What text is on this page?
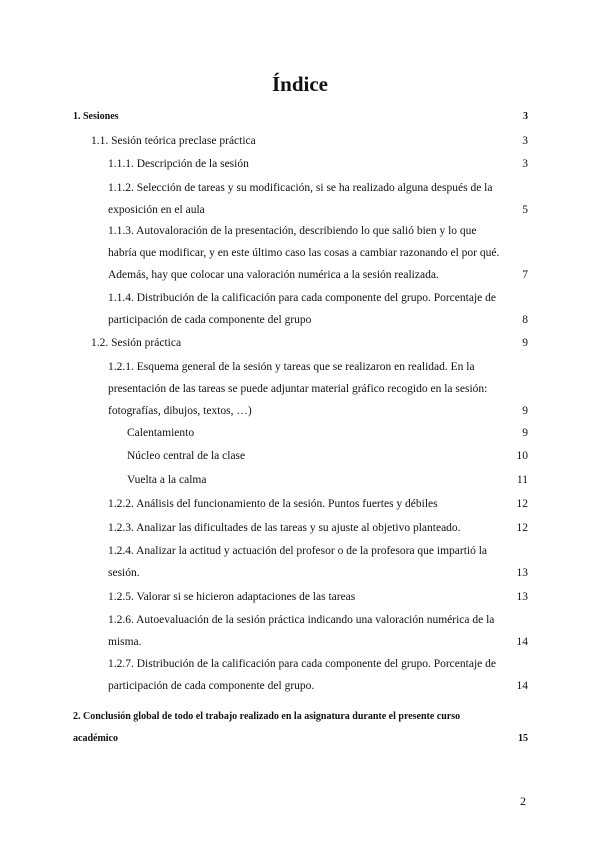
Índice
1. Sesiones	3
1.1. Sesión teórica preclase práctica	3
1.1.1. Descripción de la sesión	3
1.1.2. Selección de tareas y su modificación, si se ha realizado alguna después de la exposición en el aula	5
1.1.3. Autovaloración de la presentación, describiendo lo que salió bien y lo que habría que modificar, y en este último caso las cosas a cambiar razonando el por qué. Además, hay que colocar una valoración numérica a la sesión realizada.	7
1.1.4. Distribución de la calificación para cada componente del grupo. Porcentaje de participación de cada componente del grupo	8
1.2. Sesión práctica	9
1.2.1. Esquema general de la sesión y tareas que se realizaron en realidad. En la presentación de las tareas se puede adjuntar material gráfico recogido en la sesión: fotografías, dibujos, textos, …)	9
Calentamiento	9
Núcleo central de la clase	10
Vuelta a la calma	11
1.2.2. Análisis del funcionamiento de la sesión. Puntos fuertes y débiles	12
1.2.3. Analizar las dificultades de las tareas y su ajuste al objetivo planteado.	12
1.2.4. Analizar la actitud y actuación del profesor o de la profesora que impartió la sesión.	13
1.2.5. Valorar si se hicieron adaptaciones de las tareas	13
1.2.6. Autoevaluación de la sesión práctica indicando una valoración numérica de la misma.	14
1.2.7. Distribución de la calificación para cada componente del grupo. Porcentaje de participación de cada componente del grupo.	14
2. Conclusión global de todo el trabajo realizado en la asignatura durante el presente curso académico	15
2
